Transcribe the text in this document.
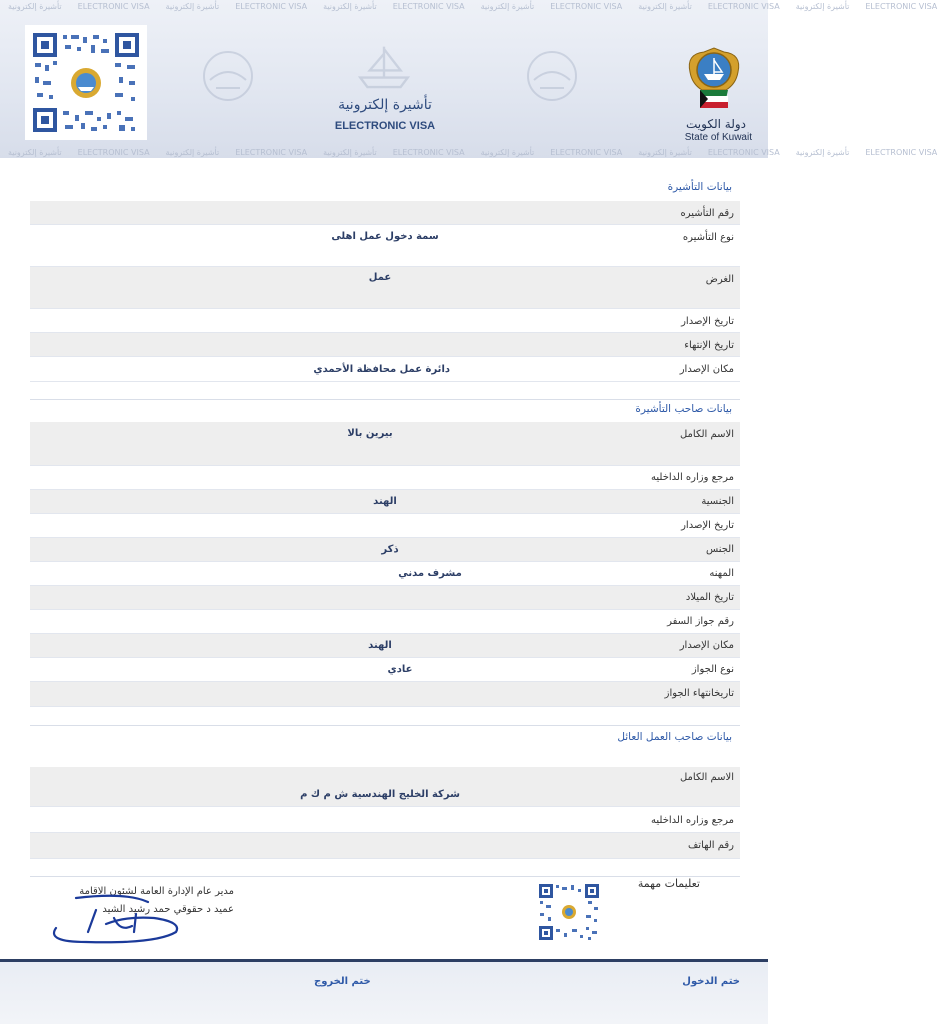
تأشيرة إلكترونية ELECTRONIC VISA تأشيرة إلكترونية ELECTRONIC VISA تأشيرة إلكترونية ELECTRONIC VISA تأشيرة إلكترونية ELECTRONIC VISA تأشيرة إلكترونية ELECTRONIC VISA تأشيرة إلكترونية ELECTRONIC VISA
تأشيرة إلكترونية ELECTRONIC VISA تأشيرة إلكترونية ELECTRONIC VISA تأشيرة إلكترونية ELECTRONIC VISA تأشيرة إلكترونية ELECTRONIC VISA تأشيرة إلكترونية ELECTRONIC VISA تأشيرة إلكترونية ELECTRONIC VISA
دولة الكويت
State of Kuwait
تأشيرة إلكترونية
ELECTRONIC VISA
بيانات التأشيرة
رقم التأشيره
نوع التأشيره
سمة دخول عمل اهلى
الغرض
عمل
تاريخ الإصدار
تاريخ الإنتهاء
مكان الإصدار
دائرة عمل محافظة الأحمدي
بيانات صاحب التأشيرة
الاسم الكامل
بيرين بالا
مرجع وزاره الداخليه
الجنسية
الهند
تاريخ الإصدار
الجنس
ذكر
المهنه
مشرف مدني
تاريخ الميلاد
رقم جواز السفر
مكان الإصدار
الهند
نوع الجواز
عادي
تاريخانتهاء الجواز
بيانات صاحب العمل العائل
الاسم الكامل
شركة الخليج الهندسية ش م ك م
مرجع وزاره الداخليه
رقم الهاتف
مدير عام الإدارة العامة لشئون الاقامة
عميد د حقوقي حمد رشيد الشيد
تعليمات مهمة
ختم الدخول
ختم الخروج
